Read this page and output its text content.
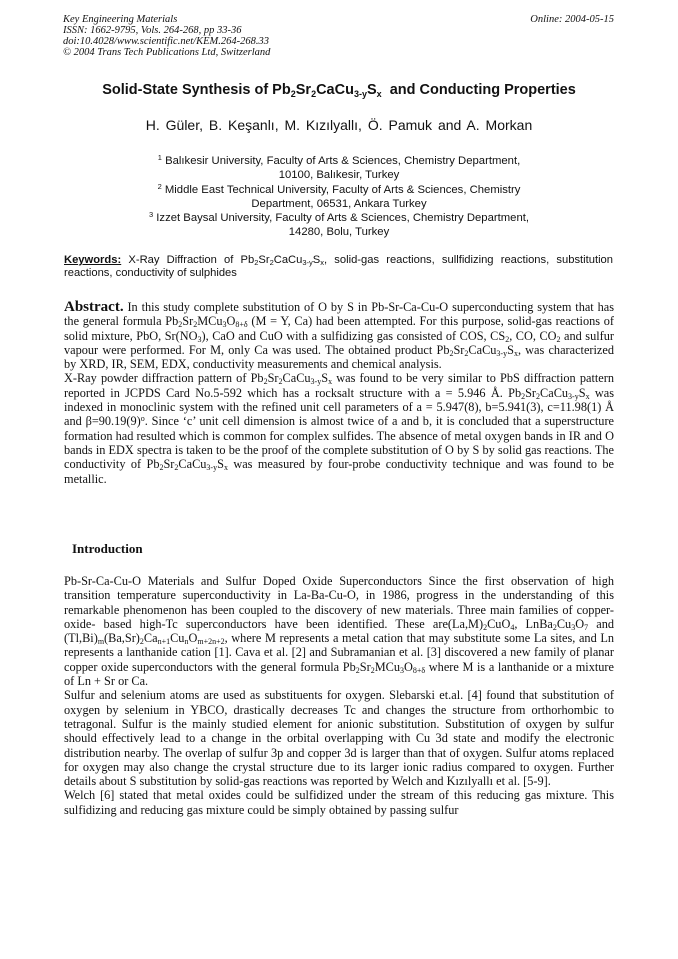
Key Engineering Materials
ISSN: 1662-9795, Vols. 264-268, pp 33-36
doi:10.4028/www.scientific.net/KEM.264-268.33
© 2004 Trans Tech Publications Ltd, Switzerland
Online: 2004-05-15
Solid-State Synthesis of $Pb_2Sr_2CaCu_{3-y}S_x$  and Conducting Properties
H. Güler, B. Keşanlı, M. Kızılyallı, Ö. Pamuk and A. Morkan
$^1$ Balıkesir University, Faculty of Arts & Sciences, Chemistry Department,
10100, Balıkesir, Turkey
$^2$ Middle East Technical University, Faculty of Arts & Sciences, Chemistry
Department, 06531, Ankara Turkey
$^3$ Izzet Baysal University, Faculty of Arts & Sciences, Chemistry Department,
14280, Bolu, Turkey
Keywords: X-Ray Diffraction of $Pb_2Sr_2CaCu_{3-y}S_x$, solid-gas reactions, sullfidizing reactions, substitution reactions, conductivity of sulphides

Abstract. In this study complete substitution of O by S in Pb-Sr-Ca-Cu-O superconducting system that has the general formula $Pb_2Sr_2MCu_3O_{8+\delta}$ (M = Y, Ca) had been attempted. For this purpose, solid-gas reactions of solid mixture, PbO, $Sr(NO_3)$, CaO and CuO with a sulfidizing gas consisted of COS, $CS_2$, CO, $CO_2$ and sulfur vapour were performed. For M, only Ca was used. The obtained product $Pb_2Sr_2CaCu_{3-y}S_x$, was characterized by XRD, IR, SEM, EDX, conductivity measurements and chemical analysis.

X-Ray powder diffraction pattern of $Pb_2Sr_2CaCu_{3-y}S_x$ was found to be very similar to PbS diffraction pattern reported in JCPDS Card No.5-592 which has a rocksalt structure with a = 5.946 Å. $Pb_2Sr_2CaCu_{3-y}S_x$ was indexed in monoclinic system with the refined unit cell parameters of a = 5.947(8), b=5.941(3), c=11.98(1) Å and $\beta=90.19(9)^o$. Since ‘c’ unit cell dimension is almost twice of a and b, it is concluded that a superstructure formation had resulted which is common for complex sulfides. The absence of metal oxygen bands in IR and O bands in EDX spectra is taken to be the proof of the complete substitution of O by S by solid gas reactions. The conductivity of $Pb_2Sr_2CaCu_{3-y}S_x$ was measured by four-probe conductivity technique and was found to be metallic.

Introduction

Pb-Sr-Ca-Cu-O Materials and Sulfur Doped Oxide Superconductors Since the first observation of high transition temperature superconductivity in La-Ba-Cu-O, in 1986, progress in the understanding of this remarkable phenomenon has been coupled to the discovery of new materials. Three main families of copper-oxide- based high-Tc superconductors have been identified. These $are(La,M)_2CuO_4$, $LnBa_2Cu_3O_7$ and $(Tl,Bi)_m(Ba,Sr)_2Ca_{n+1}Cu_nO_{m+2n+2}$, where M represents a metal cation that may substitute some La sites, and Ln represents a lanthanide cation [1]. Cava et al. [2] and Subramanian et al. [3] discovered a new family of planar copper oxide superconductors with the general formula $Pb_2Sr_2MCu_3O_{8+\delta}$ where M is a lanthanide or a mixture of Ln + Sr or Ca.

Sulfur and selenium atoms are used as substituents for oxygen. Slebarski et.al. [4] found that substitution of oxygen by selenium in YBCO, drastically decreases Tc and changes the structure from orthorhombic to tetragonal. Sulfur is the mainly studied element for anionic substitution. Substitution of oxygen by sulfur should effectively lead to a change in the orbital overlapping with Cu 3d state and modify the electronic distribution nearby. The overlap of sulfur 3p and copper 3d is larger than that of oxygen. Sulfur atoms replaced for oxygen may also change the crystal structure due to its larger ionic radius compared to oxygen. Further details about S substitution by solid-gas reactions was reported by Welch and Kızılyallı et al. [5-9].

Welch [6] stated that metal oxides could be sulfidized under the stream of this reducing gas mixture. This sulfidizing and reducing gas mixture could be simply obtained by passing sulfur
